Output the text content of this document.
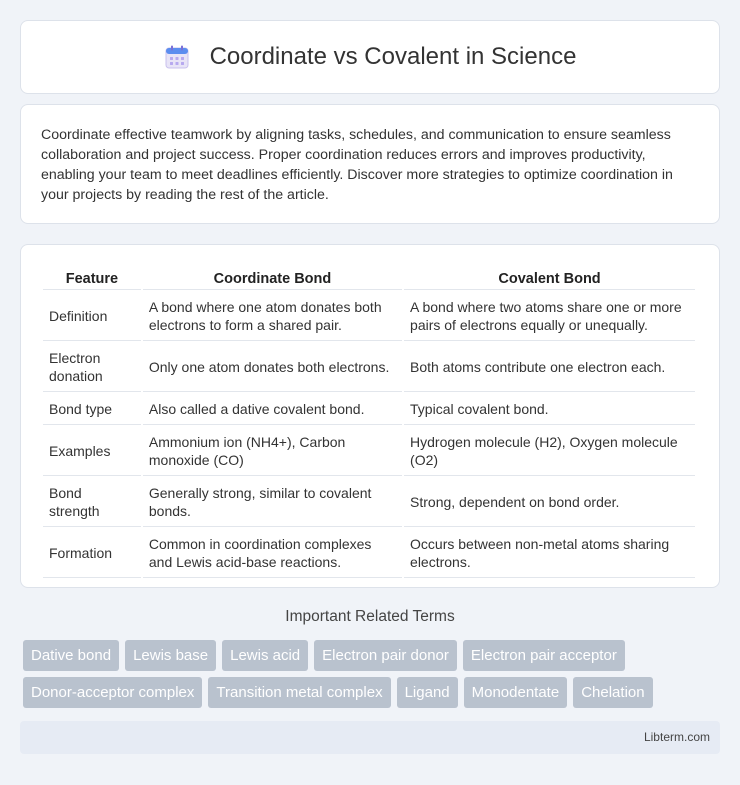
Coordinate vs Covalent in Science

Coordinate effective teamwork by aligning tasks, schedules, and communication to ensure seamless collaboration and project success. Proper coordination reduces errors and improves productivity, enabling your team to meet deadlines efficiently. Discover more strategies to optimize coordination in your projects by reading the rest of the article.

Feature	Coordinate Bond	Covalent Bond
Definition	A bond where one atom donates both electrons to form a shared pair.	A bond where two atoms share one or more pairs of electrons equally or unequally.
Electron donation	Only one atom donates both electrons.	Both atoms contribute one electron each.
Bond type	Also called a dative covalent bond.	Typical covalent bond.
Examples	Ammonium ion (NH4+), Carbon monoxide (CO)	Hydrogen molecule (H2), Oxygen molecule (O2)
Bond strength	Generally strong, similar to covalent bonds.	Strong, dependent on bond order.
Formation	Common in coordination complexes and Lewis acid-base reactions.	Occurs between non-metal atoms sharing electrons.
Important Related Terms
Dative bond	Lewis base	Lewis acid	Electron pair donor	Electron pair acceptor
Donor-acceptor complex	Transition metal complex	Ligand	Monodentate	Chelation
Libterm.com
